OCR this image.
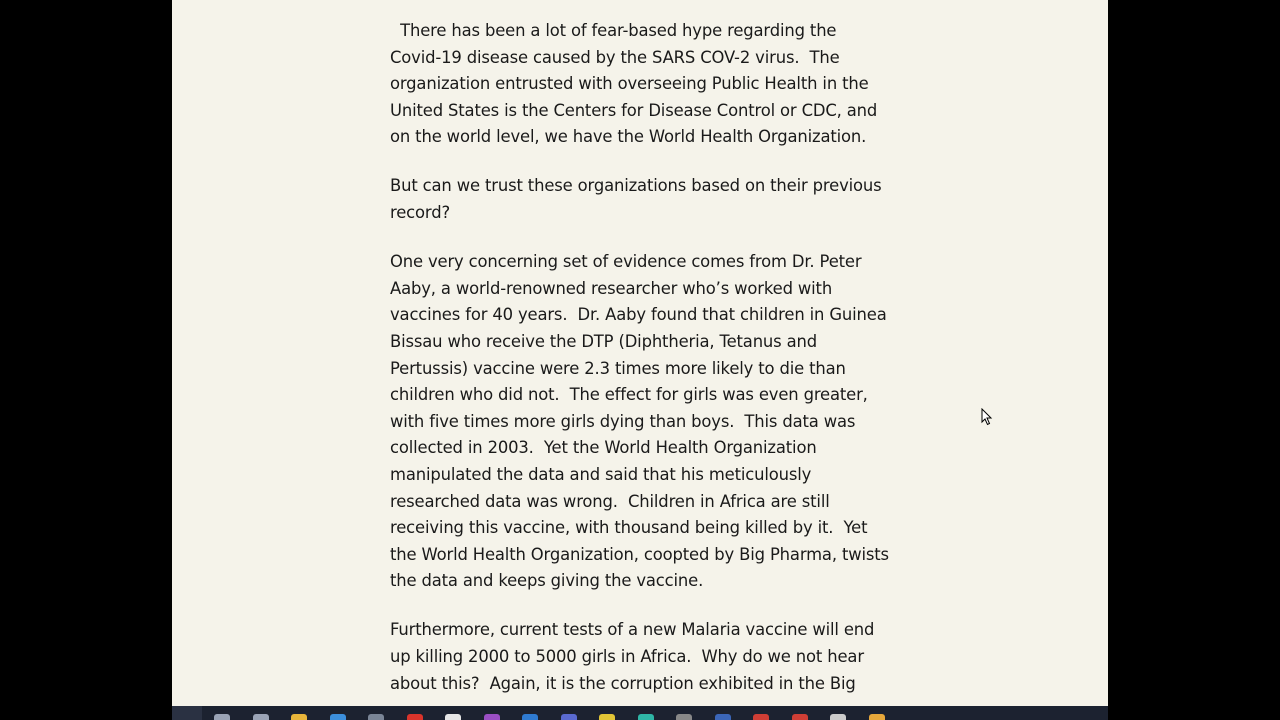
There has been a lot of fear-based hype regarding the
Covid-19 disease caused by the SARS COV-2 virus.  The
organization entrusted with overseeing Public Health in the
United States is the Centers for Disease Control or CDC, and
on the world level, we have the World Health Organization.

But can we trust these organizations based on their previous
record?

One very concerning set of evidence comes from Dr. Peter
Aaby, a world-renowned researcher who’s worked with
vaccines for 40 years.  Dr. Aaby found that children in Guinea
Bissau who receive the DTP (Diphtheria, Tetanus and
Pertussis) vaccine were 2.3 times more likely to die than
children who did not.  The effect for girls was even greater,
with five times more girls dying than boys.  This data was
collected in 2003.  Yet the World Health Organization
manipulated the data and said that his meticulously
researched data was wrong.  Children in Africa are still
receiving this vaccine, with thousand being killed by it.  Yet
the World Health Organization, coopted by Big Pharma, twists
the data and keeps giving the vaccine.

Furthermore, current tests of a new Malaria vaccine will end
up killing 2000 to 5000 girls in Africa.  Why do we not hear
about this?  Again, it is the corruption exhibited in the Big
